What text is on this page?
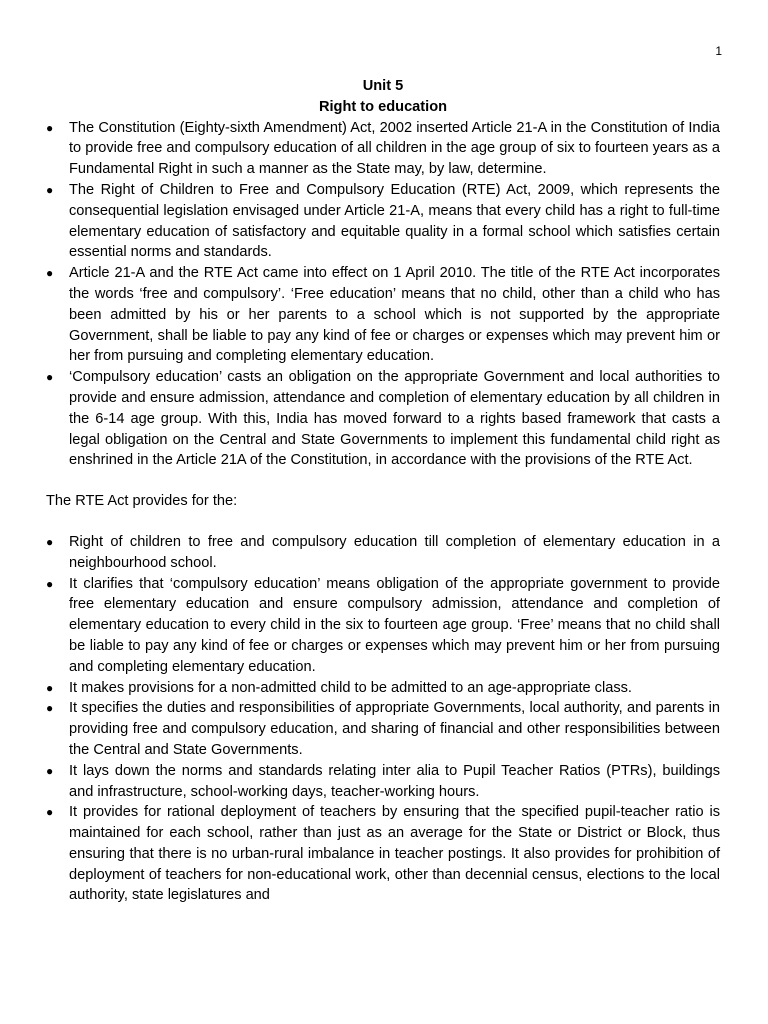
1

Unit 5

Right to education

●	The Constitution (Eighty-sixth Amendment) Act, 2002 inserted Article 21-A in the Constitution of India to provide free and compulsory education of all children in the age group of six to fourteen years as a Fundamental Right in such a manner as the State may, by law, determine.
●	The Right of Children to Free and Compulsory Education (RTE) Act, 2009, which represents the consequential legislation envisaged under Article 21-A, means that every child has a right to full-time elementary education of satisfactory and equitable quality in a formal school which satisfies certain essential norms and standards.
●	Article 21-A and the RTE Act came into effect on 1 April 2010. The title of the RTE Act incorporates the words ‘free and compulsory’. ‘Free education’ means that no child, other than a child who has been admitted by his or her parents to a school which is not supported by the appropriate Government, shall be liable to pay any kind of fee or charges or expenses which may prevent him or her from pursuing and completing elementary education.
●	‘Compulsory education’ casts an obligation on the appropriate Government and local authorities to provide and ensure admission, attendance and completion of elementary education by all children in the 6-14 age group. With this, India has moved forward to a rights based framework that casts a legal obligation on the Central and State Governments to implement this fundamental child right as enshrined in the Article 21A of the Constitution, in accordance with the provisions of the RTE Act.

The RTE Act provides for the:

●	Right of children to free and compulsory education till completion of elementary education in a neighbourhood school.
●	It clarifies that ‘compulsory education’ means obligation of the appropriate government to provide free elementary education and ensure compulsory admission, attendance and completion of elementary education to every child in the six to fourteen age group. ‘Free’ means that no child shall be liable to pay any kind of fee or charges or expenses which may prevent him or her from pursuing and completing elementary education.
●	It makes provisions for a non-admitted child to be admitted to an age-appropriate class.
●	It specifies the duties and responsibilities of appropriate Governments, local authority, and parents in providing free and compulsory education, and sharing of financial and other responsibilities between the Central and State Governments.
●	It lays down the norms and standards relating inter alia to Pupil Teacher Ratios (PTRs), buildings and infrastructure, school-working days, teacher-working hours.
●	It provides for rational deployment of teachers by ensuring that the specified pupil-teacher ratio is maintained for each school, rather than just as an average for the State or District or Block, thus ensuring that there is no urban-rural imbalance in teacher postings. It also provides for prohibition of deployment of teachers for non-educational work, other than decennial census, elections to the local authority, state legislatures and
